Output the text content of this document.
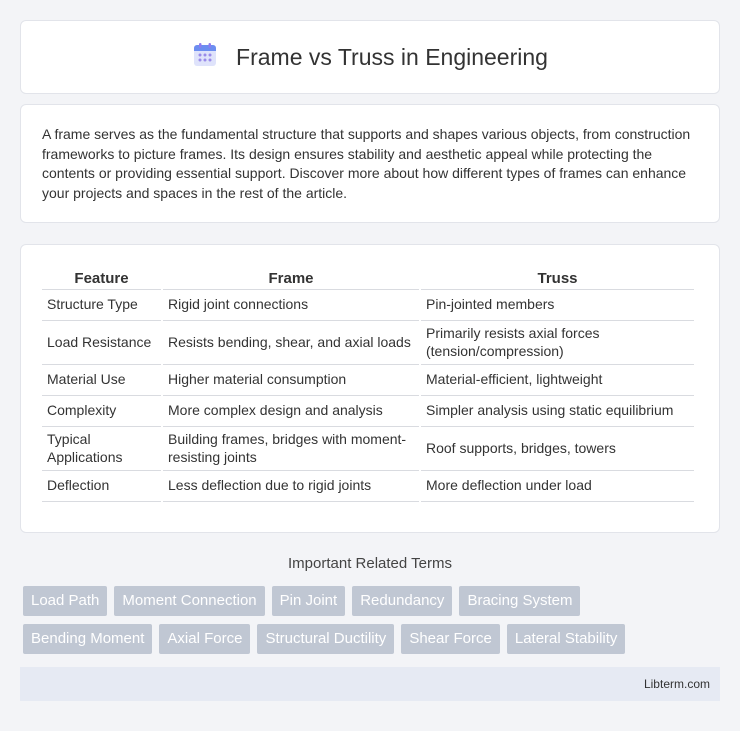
Frame vs Truss in Engineering

A frame serves as the fundamental structure that supports and shapes various objects, from construction frameworks to picture frames. Its design ensures stability and aesthetic appeal while protecting the contents or providing essential support. Discover more about how different types of frames can enhance your projects and spaces in the rest of the article.

Feature	Frame	Truss
Structure Type	Rigid joint connections	Pin-jointed members
Load Resistance	Resists bending, shear, and axial loads	Primarily resists axial forces (tension/compression)
Material Use	Higher material consumption	Material-efficient, lightweight
Complexity	More complex design and analysis	Simpler analysis using static equilibrium
Typical Applications	Building frames, bridges with moment-resisting joints	Roof supports, bridges, towers
Deflection	Less deflection due to rigid joints	More deflection under load
Important Related Terms
Load Path	Moment Connection	Pin Joint	Redundancy	Bracing System
Bending Moment	Axial Force	Structural Ductility	Shear Force	Lateral Stability
Libterm.com
